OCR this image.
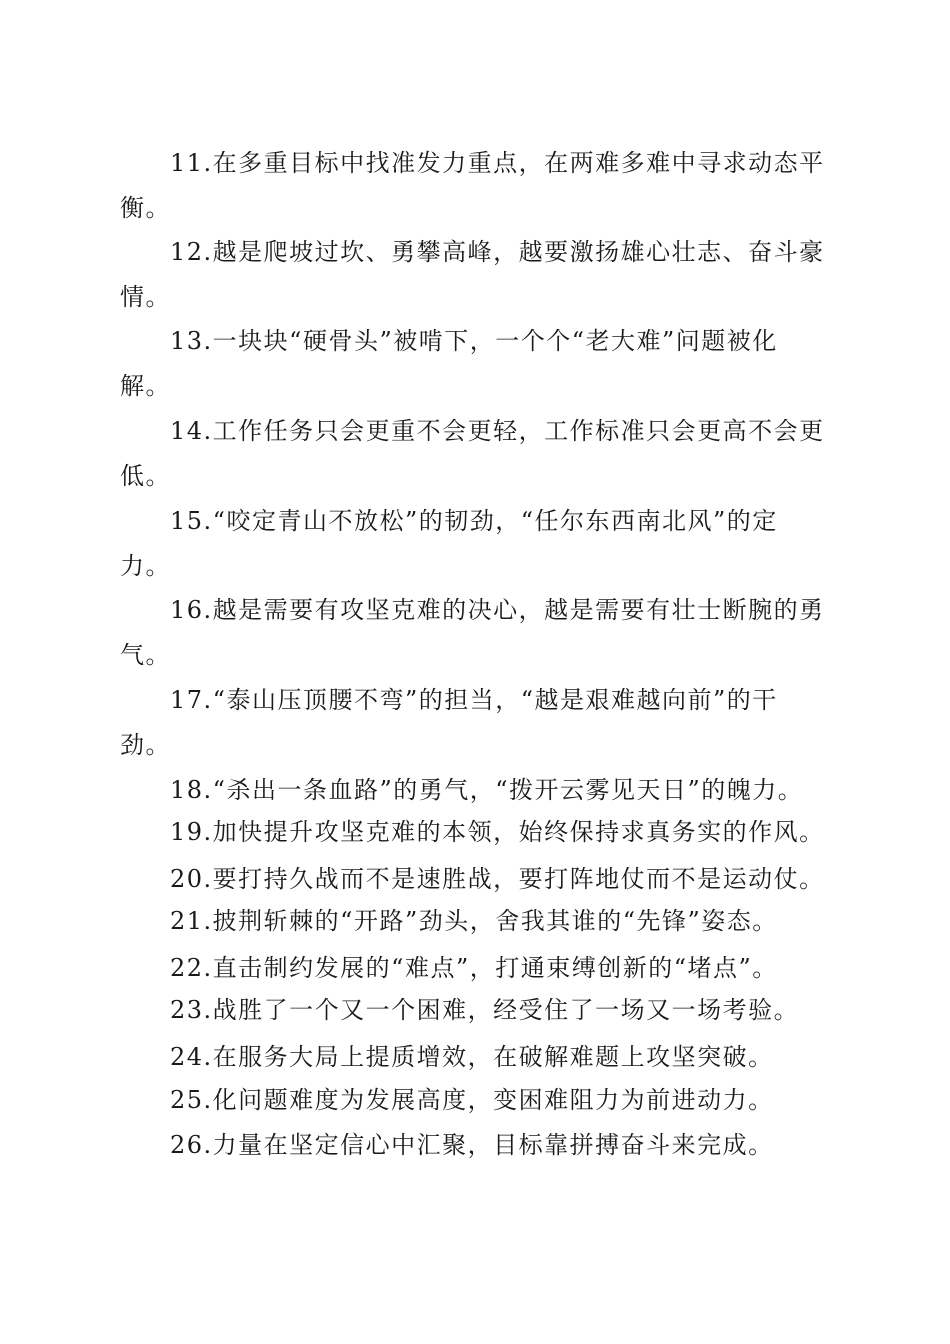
11.在多重目标中找准发力重点，在两难多难中寻求动态平
衡。
12.越是爬坡过坎、勇攀高峰，越要激扬雄心壮志、奋斗豪
情。
13.一块块“硬骨头”被啃下，一个个“老大难”问题被化
解。
14.工作任务只会更重不会更轻，工作标准只会更高不会更
低。
15.“咬定青山不放松”的韧劲，“任尔东西南北风”的定
力。
16.越是需要有攻坚克难的决心，越是需要有壮士断腕的勇
气。
17.“泰山压顶腰不弯”的担当，“越是艰难越向前”的干
劲。
18.“杀出一条血路”的勇气，“拨开云雾见天日”的魄力。
19.加快提升攻坚克难的本领，始终保持求真务实的作风。
20.要打持久战而不是速胜战，要打阵地仗而不是运动仗。
21.披荆斩棘的“开路”劲头，舍我其谁的“先锋”姿态。
22.直击制约发展的“难点”，打通束缚创新的“堵点”。
23.战胜了一个又一个困难，经受住了一场又一场考验。
24.在服务大局上提质增效，在破解难题上攻坚突破。
25.化问题难度为发展高度，变困难阻力为前进动力。
26.力量在坚定信心中汇聚，目标靠拼搏奋斗来完成。
